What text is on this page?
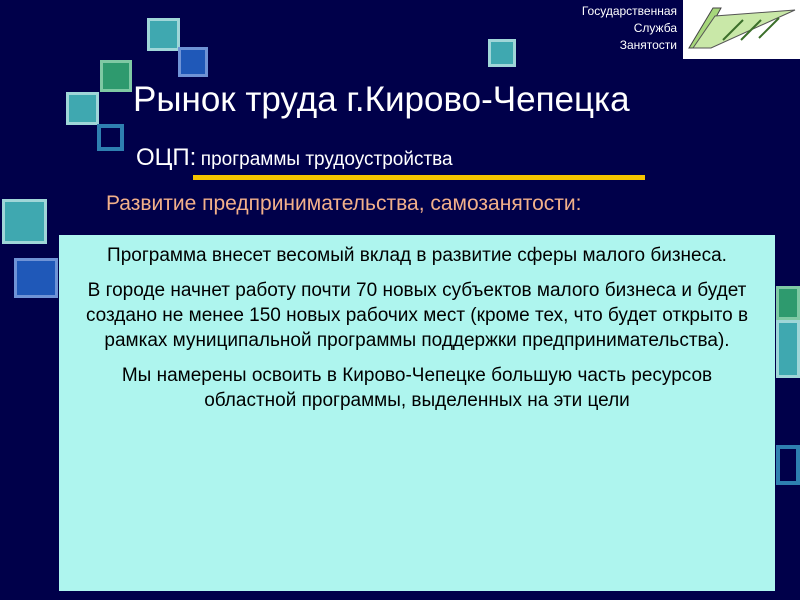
Государственная
Служба
Занятости
Рынок труда г.Кирово-Чепецка
ОЦП: программы трудоустройства
Развитие предпринимательства, самозанятости:

Программа внесет весомый вклад в развитие сферы малого бизнеса.

В городе начнет работу почти 70 новых субъектов малого бизнеса и будет создано не менее 150 новых рабочих мест (кроме тех, что будет открыто в рамках муниципальной программы поддержки предпринимательства).

Мы намерены освоить в Кирово-Чепецке большую часть ресурсов областной программы, выделенных на эти цели
